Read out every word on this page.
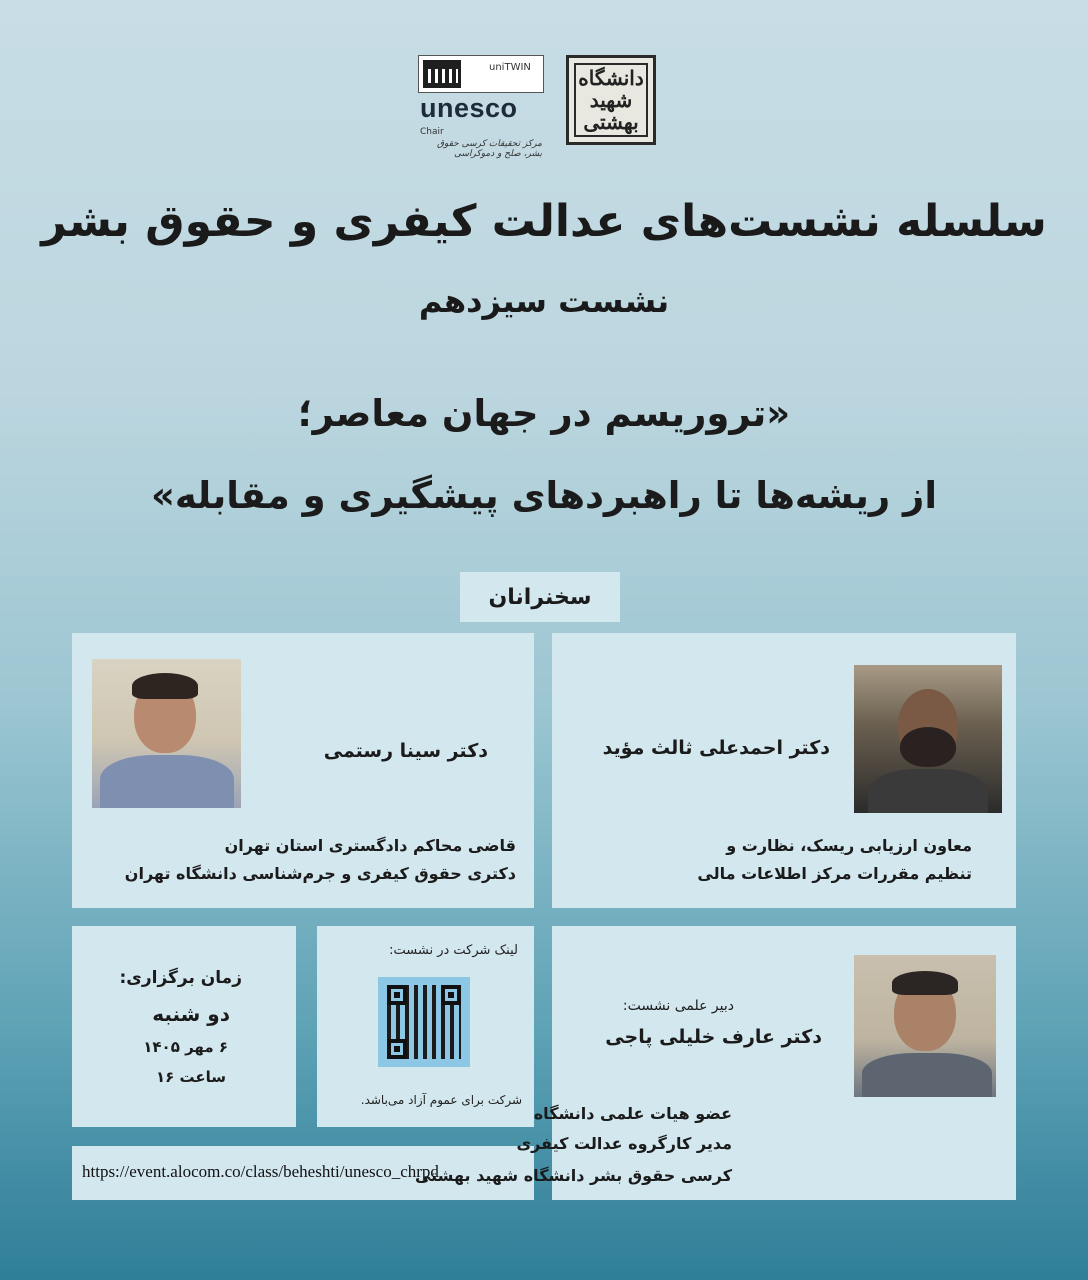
uniTWIN
unesco
Chair
مرکز تحقیقات کرسی حقوق بشر، صلح و دموکراسی
دانشگاه شهید بهشتی
سلسله نشست‌های عدالت کیفری و حقوق بشر
نشست سیزدهم
«تروریسم در جهان معاصر؛
از ریشه‌ها تا راهبردهای پیشگیری و مقابله»
سخنرانان
دکتر احمدعلی ثالث مؤید
معاون ارزیابی ریسک، نظارت و
تنظیم مقررات مرکز اطلاعات مالی
دکتر سینا رستمی
قاضی محاکم دادگستری استان تهران
دکتری حقوق کیفری و جرم‌شناسی دانشگاه تهران
دبیر علمی نشست:
دکتر عارف خلیلی پاجی
عضو هیات علمی دانشگاه
مدیر کارگروه عدالت کیفری
کرسی حقوق بشر دانشگاه شهید بهشتی
زمان برگزاری:
دو شنبه
۶ مهر ۱۴۰۵
ساعت ۱۶
لینک شرکت در نشست:
شرکت برای عموم آزاد می‌باشد.
https://event.alocom.co/class/beheshti/unesco_chrpd
